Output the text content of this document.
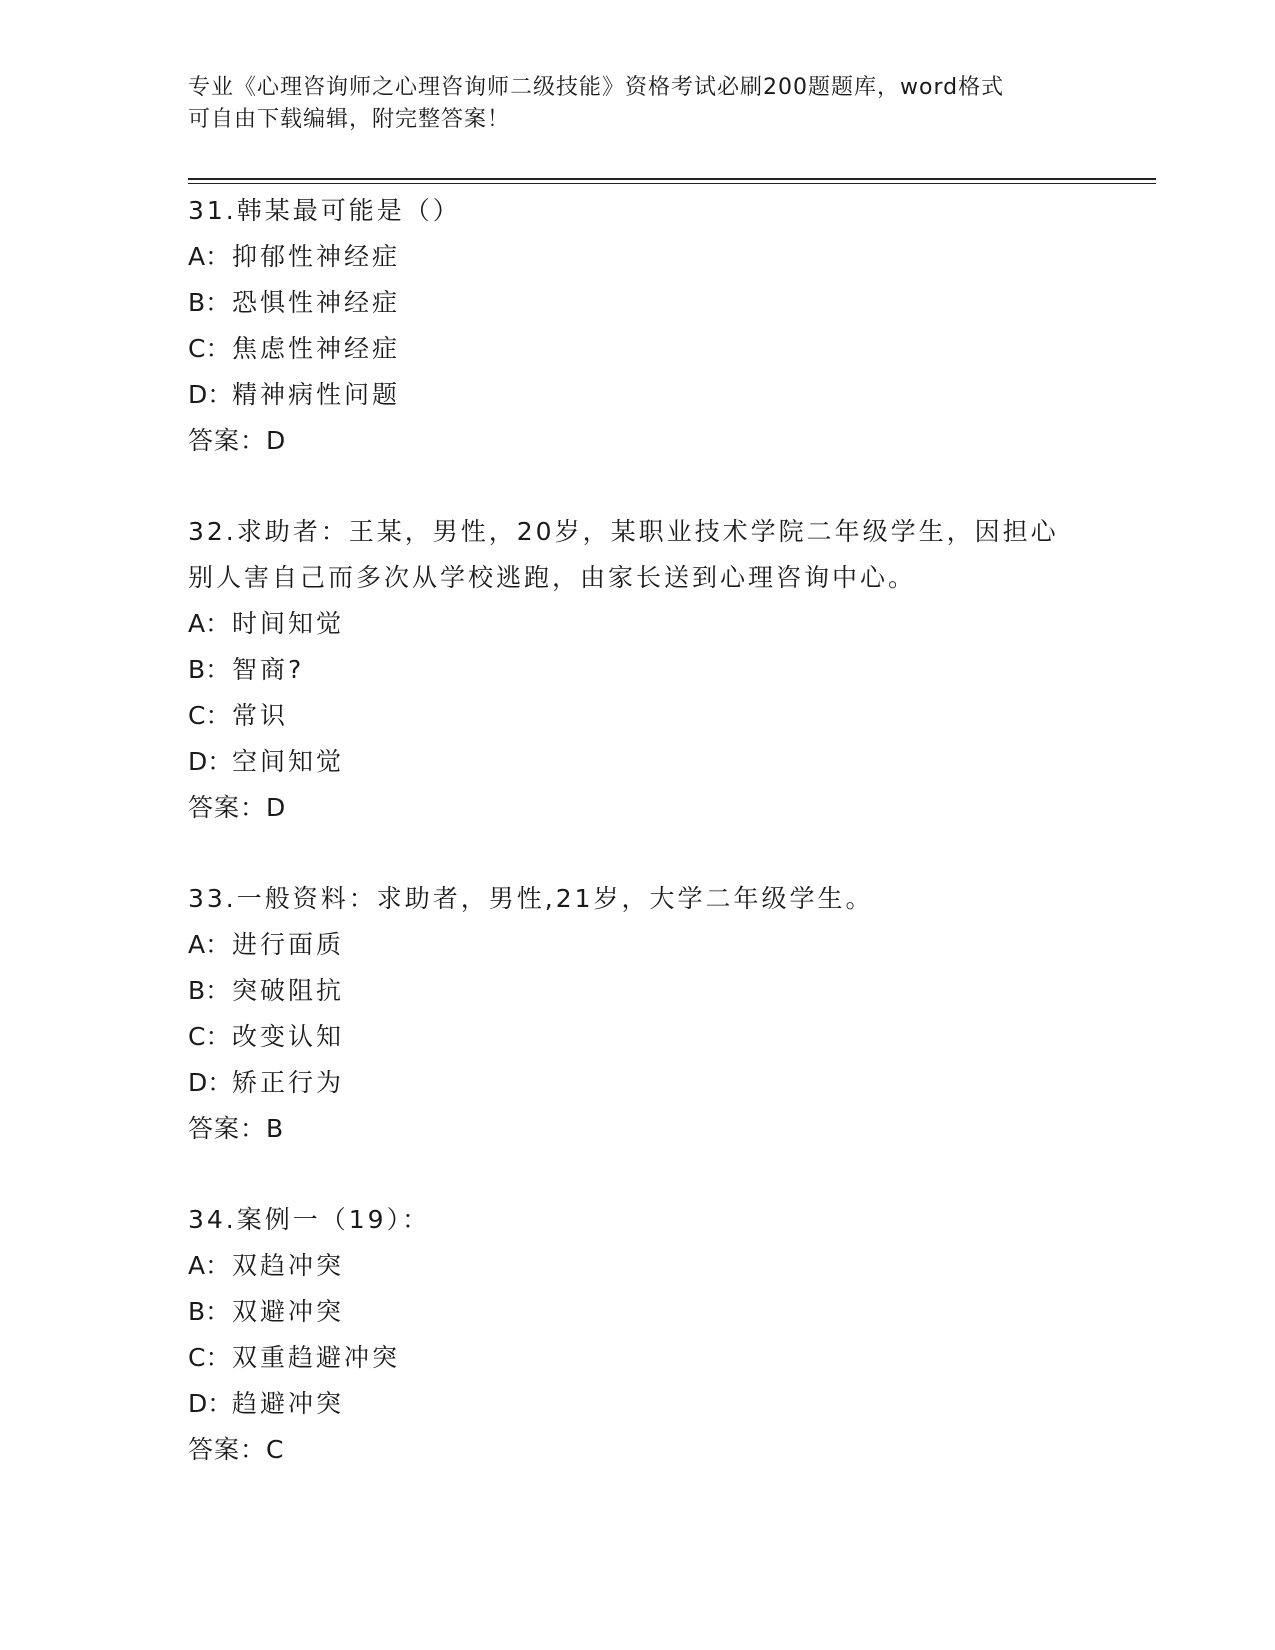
专业《心理咨询师之心理咨询师二级技能》资格考试必刷200题题库，word格式
可自由下载编辑，附完整答案！
31.韩某最可能是（）
A： 抑郁性神经症
B： 恐惧性神经症
C： 焦虑性神经症
D： 精神病性问题
答案： D
32.求助者：王某，男性，20岁，某职业技术学院二年级学生，因担心
别人害自己而多次从学校逃跑，由家长送到心理咨询中心。
A： 时间知觉
B： 智商?
C： 常识
D： 空间知觉
答案： D
33.一般资料：求助者，男性,21岁，大学二年级学生。
A： 进行面质
B： 突破阻抗
C： 改变认知
D： 矫正行为
答案： B
34.案例一（19）：
A： 双趋冲突
B： 双避冲突
C： 双重趋避冲突
D： 趋避冲突
答案： C
